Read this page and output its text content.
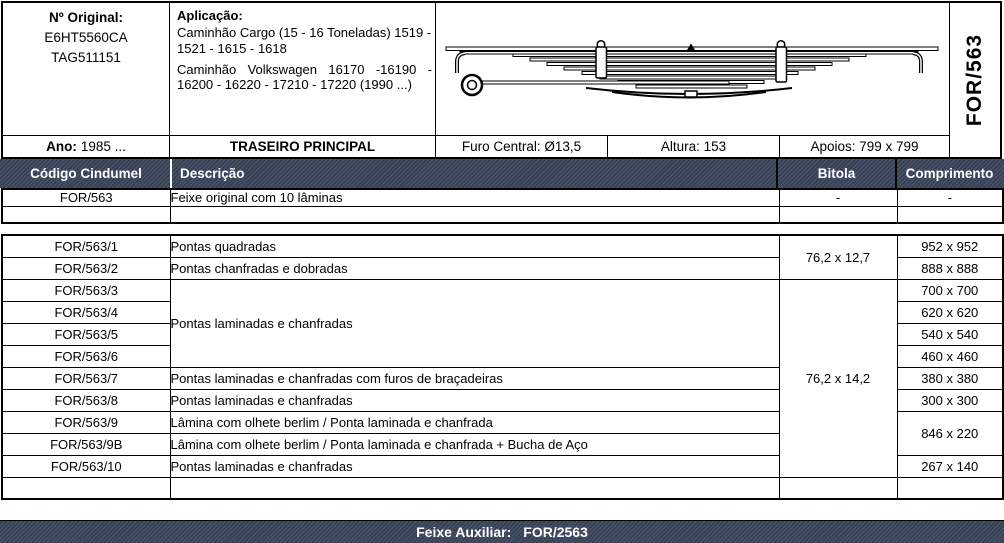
Nº Original:
E6HT5560CA
TAG511151
Aplicação:

Caminhão Cargo (15 - 16 Toneladas) 1519 - 1521 - 1615 - 1618

Caminhão Volkswagen 16170 -16190 - 16200 - 16220 - 17210 - 17220 (1990 ...)	FOR/563
Ano: 1985 ...	TRASEIRO PRINCIPAL	Furo Central: Ø13,5	Altura: 153	Apoios: 799 x 799
Código Cindumel	Descrição	Bitola	Comprimento
FOR/563	Feixe original com 10 lâminas	-	-

FOR/563/1	Pontas quadradas	76,2 x 12,7	952 x 952
FOR/563/2	Pontas chanfradas e dobradas		888 x 888
FOR/563/3	Pontas laminadas e chanfradas	76,2 x 14,2	700 x 700
FOR/563/4			620 x 620
FOR/563/5			540 x 540
FOR/563/6			460 x 460
FOR/563/7	Pontas laminadas e chanfradas com furos de braçadeiras		380 x 380
FOR/563/8	Pontas laminadas e chanfradas		300 x 300
FOR/563/9	Lâmina com olhete berlim / Ponta laminada e chanfrada		846 x 220
FOR/563/9B	Lâmina com olhete berlim / Ponta laminada e chanfrada + Bucha de Aço		
FOR/563/10	Pontas laminadas e chanfradas		267 x 140

Feixe Auxiliar: FOR/2563
